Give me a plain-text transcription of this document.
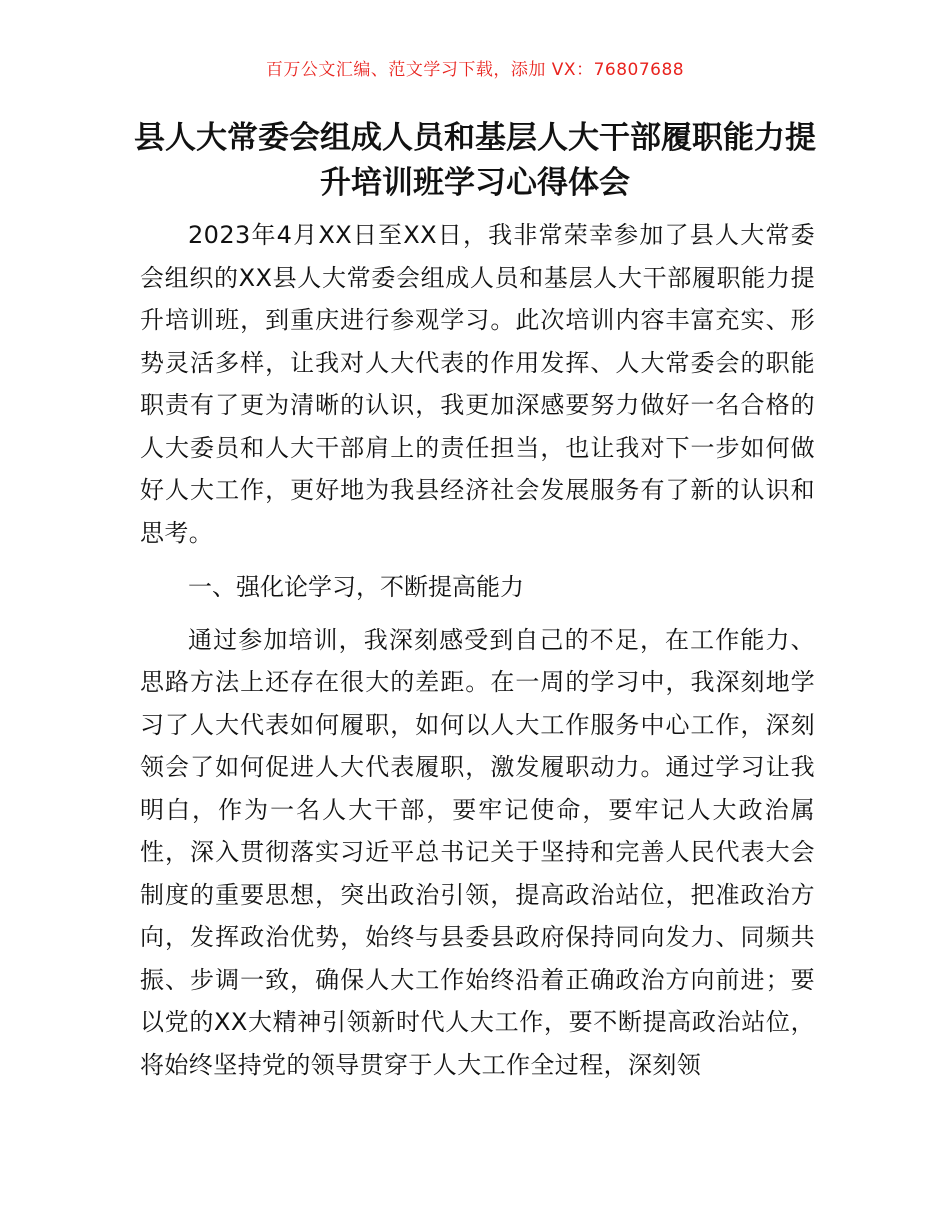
百万公文汇编、范文学习下载，添加 VX：76807688
县人大常委会组成人员和基层人大干部履职能力提升培训班学习心得体会

2023年4月XX日至XX日，我非常荣幸参加了县人大常委会组织的XX县人大常委会组成人员和基层人大干部履职能力提升培训班，到重庆进行参观学习。此次培训内容丰富充实、形势灵活多样，让我对人大代表的作用发挥、人大常委会的职能职责有了更为清晰的认识，我更加深感要努力做好一名合格的人大委员和人大干部肩上的责任担当，也让我对下一步如何做好人大工作，更好地为我县经济社会发展服务有了新的认识和思考。

一、强化论学习，不断提高能力

通过参加培训，我深刻感受到自己的不足，在工作能力、思路方法上还存在很大的差距。在一周的学习中，我深刻地学习了人大代表如何履职，如何以人大工作服务中心工作，深刻领会了如何促进人大代表履职，激发履职动力。通过学习让我明白，作为一名人大干部，要牢记使命，要牢记人大政治属性，深入贯彻落实习近平总书记关于坚持和完善人民代表大会制度的重要思想，突出政治引领，提高政治站位，把准政治方向，发挥政治优势，始终与县委县政府保持同向发力、同频共振、步调一致，确保人大工作始终沿着正确政治方向前进；要以党的XX大精神引领新时代人大工作，要不断提高政治站位，将始终坚持党的领导贯穿于人大工作全过程，深刻领
